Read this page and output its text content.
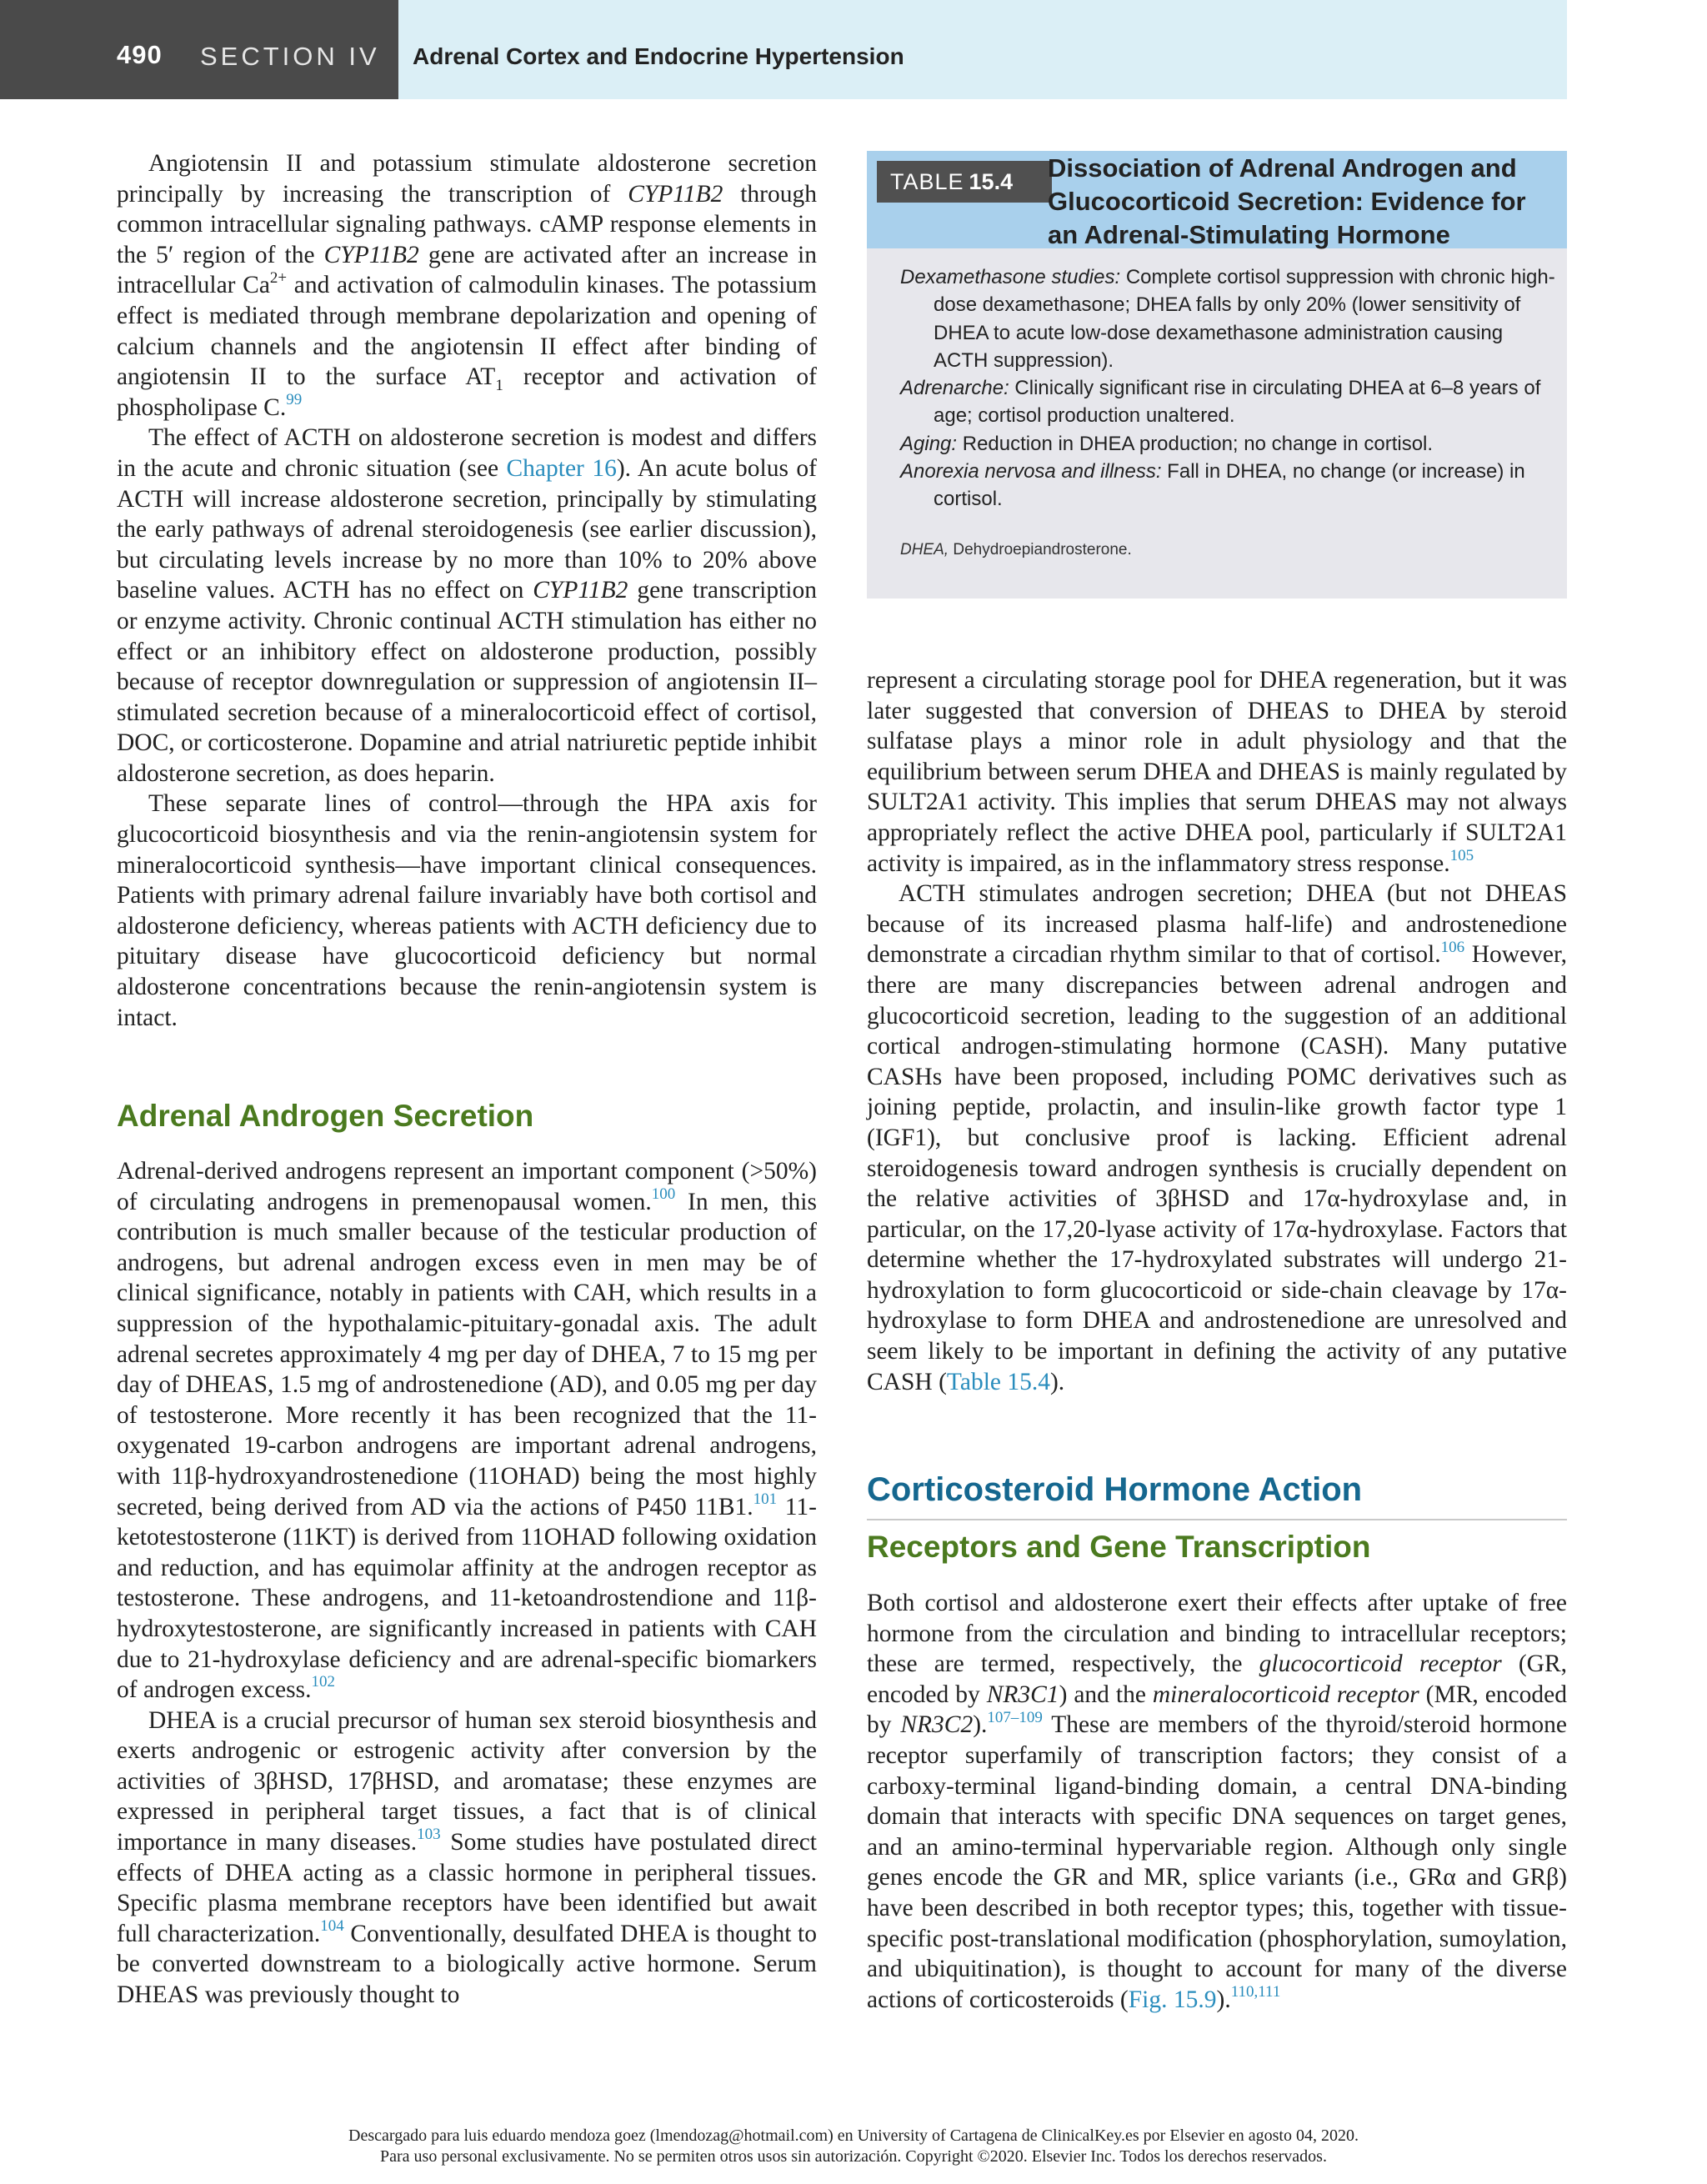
490 SECTION IV Adrenal Cortex and Endocrine Hypertension

Angiotensin II and potassium stimulate aldosterone secretion principally by increasing the transcription of CYP11B2 through common intracellular signaling pathways. cAMP response elements in the 5′ region of the CYP11B2 gene are activated after an increase in intracellular $Ca^{2+}$ and activation of calmodulin kinases. The potassium effect is mediated through membrane depolarization and opening of calcium channels and the angiotensin II effect after binding of angiotensin II to the surface $AT_1$ receptor and activation of phospholipase C.$^{99}$

The effect of ACTH on aldosterone secretion is modest and differs in the acute and chronic situation (see Chapter 16). An acute bolus of ACTH will increase aldosterone secretion, principally by stimulating the early pathways of adrenal steroidogenesis (see earlier discussion), but circulating levels increase by no more than 10% to 20% above baseline values. ACTH has no effect on CYP11B2 gene transcription or enzyme activity. Chronic continual ACTH stimulation has either no effect or an inhibitory effect on aldosterone production, possibly because of receptor downregulation or suppression of angiotensin II–stimulated secretion because of a mineralocorticoid effect of cortisol, DOC, or corticosterone. Dopamine and atrial natriuretic peptide inhibit aldosterone secretion, as does heparin.

These separate lines of control—through the HPA axis for glucocorticoid biosynthesis and via the renin-angiotensin system for mineralocorticoid synthesis—have important clinical consequences. Patients with primary adrenal failure invariably have both cortisol and aldosterone deficiency, whereas patients with ACTH deficiency due to pituitary disease have glucocorticoid deficiency but normal aldosterone concentrations because the renin-angiotensin system is intact.

Adrenal Androgen Secretion

Adrenal-derived androgens represent an important component (>50%) of circulating androgens in premenopausal women.$^{100}$ In men, this contribution is much smaller because of the testicular production of androgens, but adrenal androgen excess even in men may be of clinical significance, notably in patients with CAH, which results in a suppression of the hypothalamic-pituitary-gonadal axis. The adult adrenal secretes approximately 4 mg per day of DHEA, 7 to 15 mg per day of DHEAS, 1.5 mg of androstenedione (AD), and 0.05 mg per day of testosterone. More recently it has been recognized that the 11-oxygenated 19-carbon androgens are important adrenal androgens, with 11β-hydroxyandrostenedione (11OHAD) being the most highly secreted, being derived from AD via the actions of P450 11B1.$^{101}$ 11-ketotestosterone (11KT) is derived from 11OHAD following oxidation and reduction, and has equimolar affinity at the androgen receptor as testosterone. These androgens, and 11-ketoandrostendione and 11β-hydroxytestosterone, are significantly increased in patients with CAH due to 21-hydroxylase deficiency and are adrenal-specific biomarkers of androgen excess.$^{102}$

DHEA is a crucial precursor of human sex steroid biosynthesis and exerts androgenic or estrogenic activity after conversion by the activities of 3βHSD, 17βHSD, and aromatase; these enzymes are expressed in peripheral target tissues, a fact that is of clinical importance in many diseases.$^{103}$ Some studies have postulated direct effects of DHEA acting as a classic hormone in peripheral tissues. Specific plasma membrane receptors have been identified but await full characterization.$^{104}$ Conventionally, desulfated DHEA is thought to be converted downstream to a biologically active hormone. Serum DHEAS was previously thought to

TABLE 15.4	Dissociation of Adrenal Androgen and Glucocorticoid Secretion: Evidence for an Adrenal-Stimulating Hormone

Dexamethasone studies: Complete cortisol suppression with chronic high-dose dexamethasone; DHEA falls by only 20% (lower sensitivity of DHEA to acute low-dose dexamethasone administration causing ACTH suppression).

Adrenarche: Clinically significant rise in circulating DHEA at 6–8 years of age; cortisol production unaltered.

Aging: Reduction in DHEA production; no change in cortisol.

Anorexia nervosa and illness: Fall in DHEA, no change (or increase) in cortisol.

DHEA, Dehydroepiandrosterone.

represent a circulating storage pool for DHEA regeneration, but it was later suggested that conversion of DHEAS to DHEA by steroid sulfatase plays a minor role in adult physiology and that the equilibrium between serum DHEA and DHEAS is mainly regulated by SULT2A1 activity. This implies that serum DHEAS may not always appropriately reflect the active DHEA pool, particularly if SULT2A1 activity is impaired, as in the inflammatory stress response.$^{105}$

ACTH stimulates androgen secretion; DHEA (but not DHEAS because of its increased plasma half-life) and androstenedione demonstrate a circadian rhythm similar to that of cortisol.$^{106}$ However, there are many discrepancies between adrenal androgen and glucocorticoid secretion, leading to the suggestion of an additional cortical androgen-stimulating hormone (CASH). Many putative CASHs have been proposed, including POMC derivatives such as joining peptide, prolactin, and insulin-like growth factor type 1 (IGF1), but conclusive proof is lacking. Efficient adrenal steroidogenesis toward androgen synthesis is crucially dependent on the relative activities of 3βHSD and 17α-hydroxylase and, in particular, on the 17,20-lyase activity of 17α-hydroxylase. Factors that determine whether the 17-hydroxylated substrates will undergo 21-hydroxylation to form glucocorticoid or side-chain cleavage by 17α-hydroxylase to form DHEA and androstenedione are unresolved and seem likely to be important in defining the activity of any putative CASH (Table 15.4).

Corticosteroid Hormone Action
Receptors and Gene Transcription

Both cortisol and aldosterone exert their effects after uptake of free hormone from the circulation and binding to intracellular receptors; these are termed, respectively, the glucocorticoid receptor (GR, encoded by NR3C1) and the mineralocorticoid receptor (MR, encoded by NR3C2).$^{107-109}$ These are members of the thyroid/steroid hormone receptor superfamily of transcription factors; they consist of a carboxy-terminal ligand-binding domain, a central DNA-binding domain that interacts with specific DNA sequences on target genes, and an amino-terminal hypervariable region. Although only single genes encode the GR and MR, splice variants (i.e., GRα and GRβ) have been described in both receptor types; this, together with tissue-specific post-translational modification (phosphorylation, sumoylation, and ubiquitination), is thought to account for many of the diverse actions of corticosteroids (Fig. 15.9).$^{110,111}$

Descargado para luis eduardo mendoza goez (lmendozag@hotmail.com) en University of Cartagena de ClinicalKey.es por Elsevier en agosto 04, 2020.
Para uso personal exclusivamente. No se permiten otros usos sin autorización. Copyright ©2020. Elsevier Inc. Todos los derechos reservados.
